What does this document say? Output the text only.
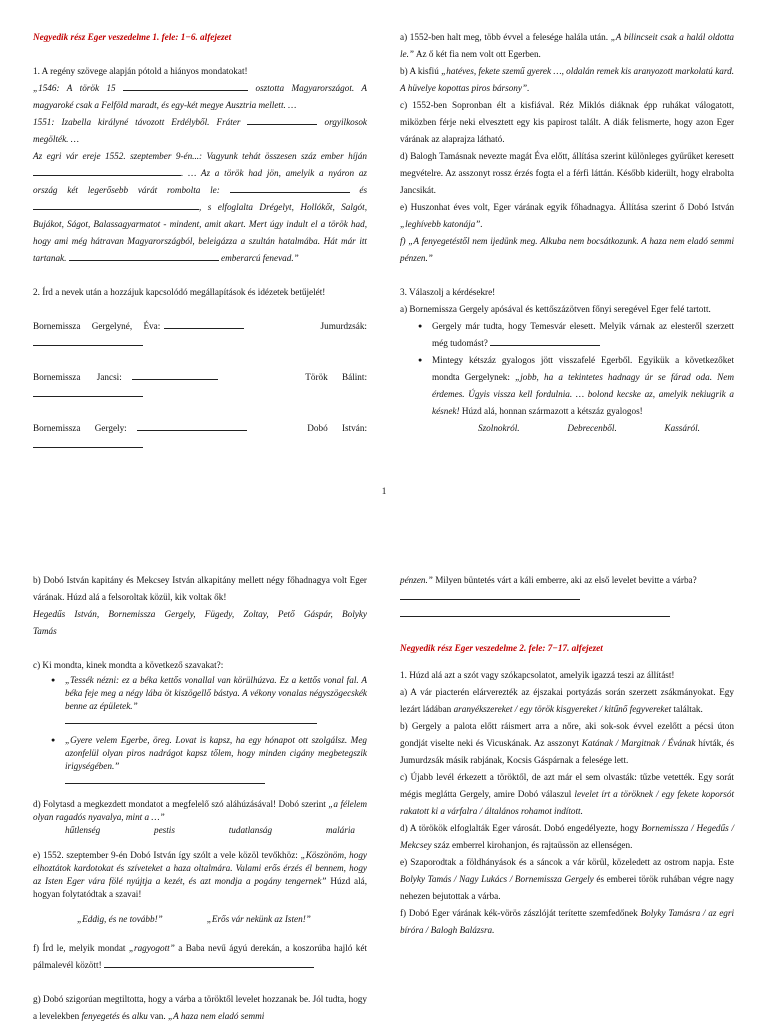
Negyedik rész Eger veszedelme 1. fele: 1−6. alfejezet

1. A regény szövege alapján pótold a hiányos mondatokat!

„1546: A török 15	osztotta Magyarországot. A magyaroké csak a Felföld maradt, és egy-két megye Ausztria mellett. …
1551: Izabella királyné távozott Erdélyből. Fráter	orgyilkosok megölték. …
Az egri vár ereje 1552. szeptember 9-én...: Vagyunk tehát összesen száz ember híján . … Az a török had jön, amelyik a nyáron az ország két legerősebb várát rombolta le:	és , s elfoglalta Drégelyt, Hollókőt, Salgót, Bujákot, Ságot, Balassagyarmatot - mindent, amit akart. Mert úgy indult el a török had, hogy ami még hátravan Magyarországból, beleigázza a szultán hatalmába. Hát már itt tartanak.	emberarcú fenevad.”

2. Írd a nevek után a hozzájuk kapcsolódó megállapítások és idézetek betűjelét!

Bornemissza Gergelyné, Éva:	Jumurdzsák:

Bornemissza Jancsi:	Török Bálint:

Bornemissza Gergely:	Dobó István:

a) 1552-ben halt meg, több évvel a felesége halála után. „A bilincseit csak a halál oldotta le.” Az ő két fia nem volt ott Egerben.

b) A kisfiú „hatéves, fekete szemű gyerek …, oldalán remek kis aranyozott markolatú kard. A hüvelye kopottas piros bársony”.

c) 1552-ben Sopronban élt a kisfiával. Réz Miklós diáknak épp ruhákat válogatott, miközben férje neki elvesztett egy kis papirost talált. A diák felismerte, hogy azon Eger várának az alaprajza látható.

d) Balogh Tamásnak nevezte magát Éva előtt, állítása szerint különleges gyűrűket keresett megvételre. Az asszonyt rossz érzés fogta el a férfi láttán. Később kiderült, hogy elrabolta Jancsikát.

e) Huszonhat éves volt, Eger várának egyik főhadnagya. Állítása szerint ő Dobó István „leghívebb katonája”.

f) „A fenyegetéstől nem ijedünk meg. Alkuba nem bocsátkozunk. A haza nem eladó semmi pénzen.”

3. Válaszolj a kérdésekre!

a) Bornemissza Gergely apósával és kettőszázötven főnyi seregével Eger felé tartott.

● Gergely már tudta, hogy Temesvár elesett. Melyik várnak az elesteről szerzett még tudomást?
● Mintegy kétszáz gyalogos jött visszafelé Egerből. Egyikük a következőket mondta Gergelynek: „jobb, ha a tekintetes hadnagy úr se fárad oda. Nem érdemes. Úgyis vissza kell fordulnia. … bolond kecske az, amelyik nekiugrik a késnek! Húzd alá, honnan származott a kétszáz gyalogos!
Szolnokról.	Debrecenből.	Kassáról.
1

b) Dobó István kapitány és Mekcsey István alkapitány mellett négy főhadnagya volt Eger várának. Húzd alá a felsoroltak közül, kik voltak ők!

Hegedűs István, Bornemissza Gergely, Fügedy, Zoltay, Pető Gáspár, Bolyky Tamás

c) Ki mondta, kinek mondta a következő szavakat?:

● „Tessék nézni: ez a béka kettős vonallal van körülhúzva. Ez a kettős vonal fal. A béka feje meg a négy lába öt kiszögellő bástya. A vékony vonalas négyszögecskék benne az épületek.”

● „Gyere velem Egerbe, öreg. Lovat is kapsz, ha egy hónapot ott szolgálsz. Meg azonfelül olyan piros nadrágot kapsz tőlem, hogy minden cigány megbetegszik irigységében.”

d) Folytasd a megkezdett mondatot a megfelelő szó aláhúzásával! Dobó szerint „a félelem olyan ragadós nyavalya, mint a …”

hűtlenség	pestis	tudatlanság	malária

e) 1552. szeptember 9-én Dobó István így szólt a vele közöl tevőkhöz: „Köszönöm, hogy elhoztátok kardotokat és szíveteket a haza oltalmára. Valami erős érzés él bennem, hogy az Isten Eger vára fölé nyújtja a kezét, és azt mondja a pogány tengernek” Húzd alá, hogyan folytatódtak a szavai!

„Eddig, és ne tovább!”	„Erős vár nekünk az Isten!”

f) Írd le, melyik mondat „ragyogott” a Baba nevű ágyú derekán, a koszorúba hajló két pálmalevél között!

g) Dobó szigorúan megtiltotta, hogy a várba a töröktől levelet hozzanak be. Jól tudta, hogy a levelekben fenyegetés és alku van. „A haza nem eladó semmi

pénzen.” Milyen büntetés várt a káli emberre, aki az első levelet bevitte a várba?

Negyedik rész Eger veszedelme 2. fele: 7−17. alfejezet

1. Húzd alá azt a szót vagy szókapcsolatot, amelyik igazzá teszi az állítást!

a) A vár piacterén elárverezték az éjszakai portyázás során szerzett zsákmányokat. Egy lezárt ládában aranyékszereket / egy török kisgyereket / kitűnő fegyvereket találtak.

b) Gergely a palota előtt ráismert arra a nőre, aki sok-sok évvel ezelőtt a pécsi úton gondját viselte neki és Vicuskának. Az asszonyt Katának / Margitnak / Évának hívták, és Jumurdzsák másik rabjának, Kocsis Gáspárnak a felesége lett.

c) Újabb levél érkezett a töröktől, de azt már el sem olvasták: tűzbe vetették. Egy sorát mégis meglátta Gergely, amire Dobó válaszul levelet írt a töröknek / egy fekete koporsót rakatott ki a várfalra / általános rohamot indított.

d) A törökök elfoglalták Eger városát. Dobó engedélyezte, hogy Bornemissza / Hegedűs / Mekcsey száz emberrel kirohanjon, és rajtaüssön az ellenségen.

e) Szaporodtak a földhányások és a sáncok a vár körül, közeledett az ostrom napja. Este Bolyky Tamás / Nagy Lukács / Bornemissza Gergely és emberei török ruhában végre nagy nehezen bejutottak a várba.

f) Dobó Eger várának kék-vörös zászlóját terítette szemfedőnek Bolyky Tamásra / az egri bíróra / Balogh Balázsra.
